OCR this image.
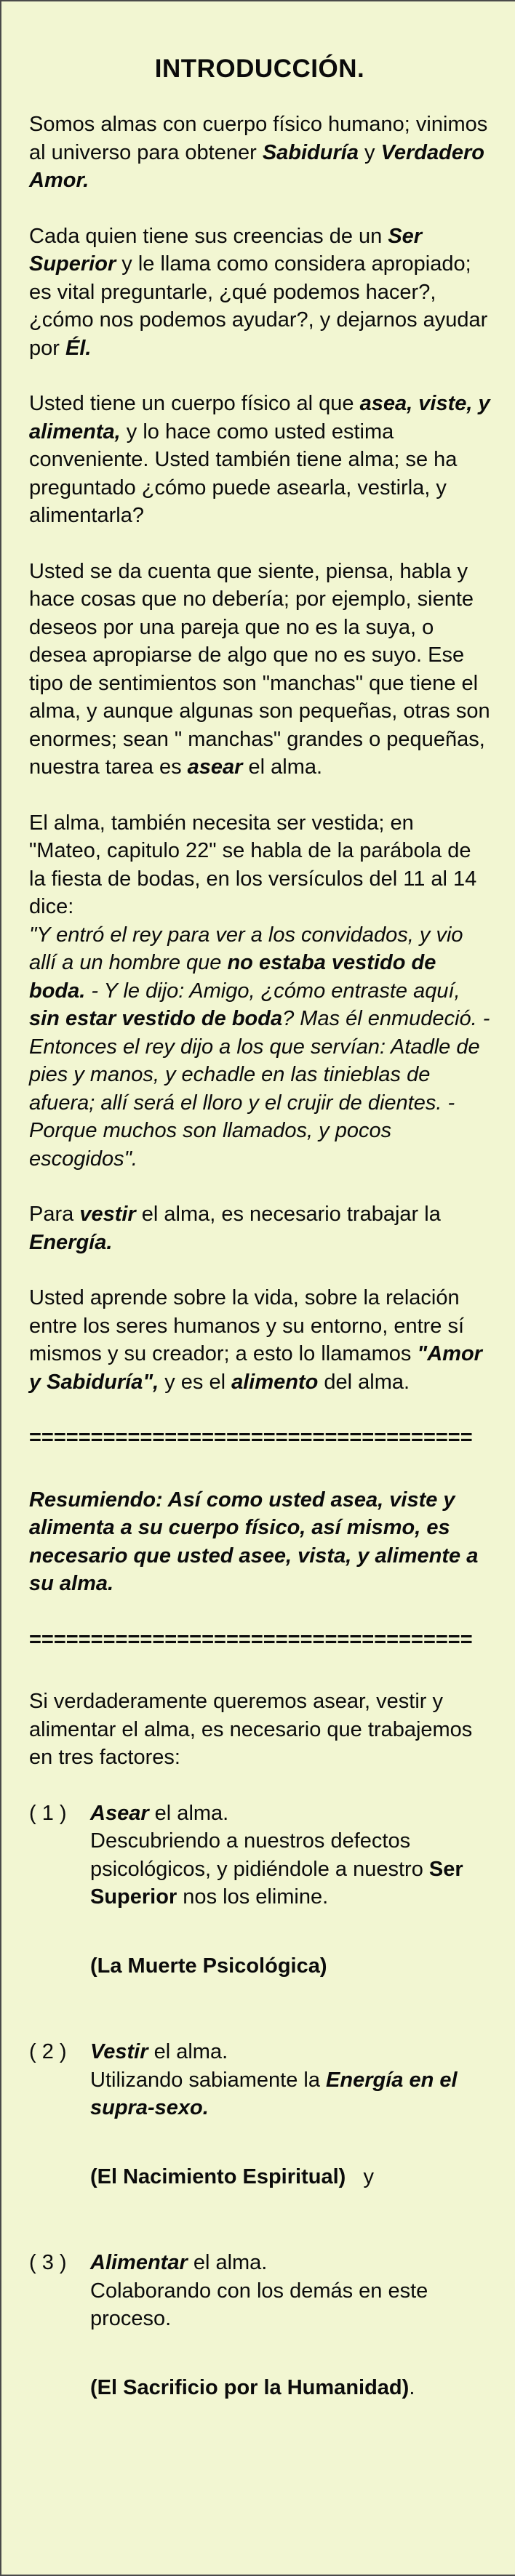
INTRODUCCIÓN.
Somos almas con cuerpo físico humano; vinimos al universo para obtener Sabiduría y Verdadero Amor.
Cada quien tiene sus creencias de un Ser Superior y le llama como considera apropiado; es vital preguntarle, ¿qué podemos hacer?, ¿cómo nos podemos ayudar?, y dejarnos ayudar por Él.
Usted tiene un cuerpo físico al que asea, viste, y alimenta, y lo hace como usted estima conveniente. Usted también tiene alma; se ha preguntado ¿cómo puede asearla, vestirla, y alimentarla?
Usted se da cuenta que siente, piensa, habla y hace cosas que no debería; por ejemplo, siente deseos por una pareja que no es la suya, o desea apropiarse de algo que no es suyo. Ese tipo de sentimientos son "manchas" que tiene el alma, y aunque algunas son pequeñas, otras son enormes; sean " manchas" grandes o pequeñas, nuestra tarea es asear el alma.
El alma, también necesita ser vestida; en "Mateo, capitulo 22" se habla de la parábola de la fiesta de bodas, en los versículos del 11 al 14 dice:
"Y entró el rey para ver a los convidados, y vio allí a un hombre que no estaba vestido de boda. - Y le dijo: Amigo, ¿cómo entraste aquí, sin estar vestido de boda? Mas él enmudeció. - Entonces el rey dijo a los que servían: Atadle de pies y manos, y echadle en las tinieblas de afuera; allí será el lloro y el crujir de dientes. - Porque muchos son llamados, y pocos escogidos".
Para vestir el alma, es necesario trabajar la Energía.
Usted aprende sobre la vida, sobre la relación entre los seres humanos y su entorno, entre sí mismos y su creador; a esto lo llamamos "Amor y Sabiduría", y es el alimento del alma.
====================================
Resumiendo: Así como usted asea, viste y alimenta a su cuerpo físico, así mismo, es necesario que usted asee, vista, y alimente a su alma.
====================================
Si verdaderamente queremos asear, vestir y alimentar el alma, es necesario que trabajemos en tres factores:
( 1 )	Asear el alma.
Descubriendo a nuestros defectos psicológicos, y pidiéndole a nuestro Ser Superior nos los elimine.
(La Muerte Psicológica)
( 2 )	Vestir el alma.
Utilizando sabiamente la Energía en el supra-sexo.
(El Nacimiento Espiritual)   y
( 3 )	Alimentar el alma.
Colaborando con los demás en este proceso.
(El Sacrificio por la Humanidad).
